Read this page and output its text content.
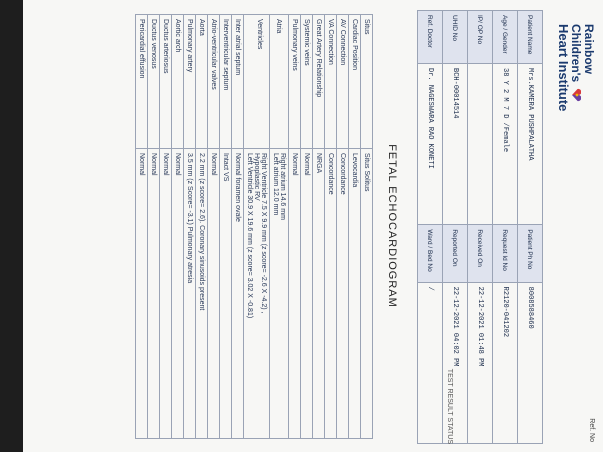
Rainbow
Children's
Heart Institute
Ref. No
Patient Name	Mrs.KAMERA PUSHPALATHA	Patient Ph No	8008588460
Age / Gender	38 Y 2 M 7 D /Female	Request Id No	R2120-041202
IP/ OP No		Received On	22-12-2021 01:48 PM
UHID No	BCH-00014514	Reported On	22-12-2021 04:02 PM
Ref. Doctor	Dr. NAGESWARA RAO KONETI	Ward / Bed No	/
TEST RESULT STATUS
FETAL ECHOCARDIOGRAM
Situs	Situs Solitus

Cardiac Position	Levocardia

AV Connection	Concordance

VA Connection	Concordance

Great Artery Relationship	NRGA

Systemic veins	Normal

Pulmonary veins	Normal

Atria	Right atrium 14.6 mm
Left atrium 12.0 mm

Ventricles	Right Ventricle 7.5 X 9.9 mm (z score= -2.6 X -4.2) ,
Hypoplastic RV
Left Ventricle 30.9 X 19.6 mm (z score= 3.02 X -0.81)

Inter atrial septum	Normal foramen ovale

Interventricular septum	Intact VS

Atrio-ventricular valves	Normal

Aorta	2.2 mm (z score= 2.6). Coronary sinusoids present

Pulmonary artery	3.5 mm (z Score= -3.1) Pulmonary atresia

Aortic arch	Normal

Ductus arteriosus	Normal

Ductus venosus	Normal

Pericardial effusion	Normal
